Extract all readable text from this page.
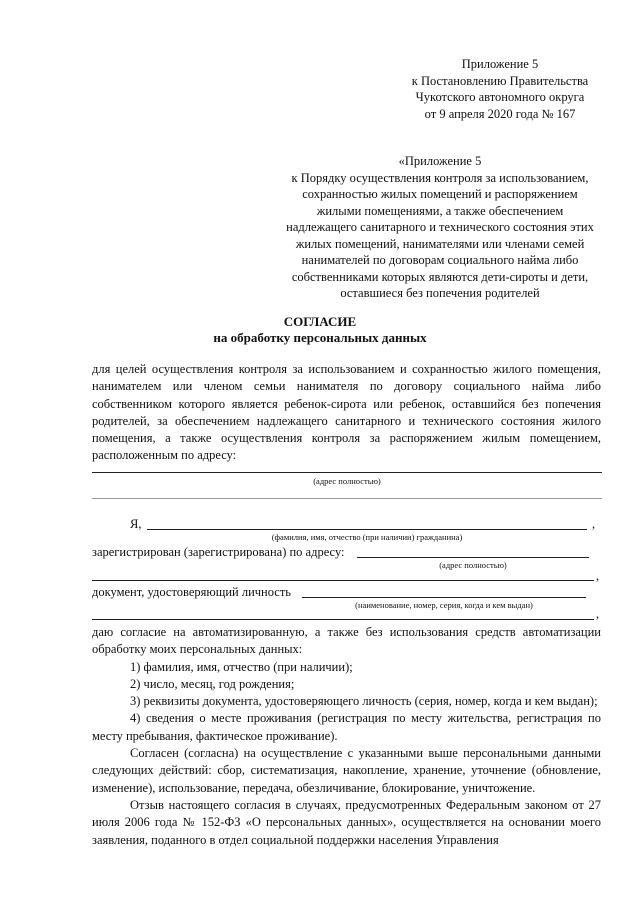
Приложение 5
к Постановлению Правительства
Чукотского автономного округа
от 9 апреля 2020 года № 167
«Приложение 5
к Порядку осуществления контроля за использованием,
сохранностью жилых помещений и распоряжением
жилыми помещениями, а также обеспечением
надлежащего санитарного и технического состояния этих
жилых помещений, нанимателями или членами семей
нанимателей по договорам социального найма либо
собственниками которых являются дети-сироты и дети,
оставшиеся без попечения родителей
СОГЛАСИЕ
на обработку персональных данных
для целей осуществления контроля за использованием и сохранностью жилого помещения, нанимателем или членом семьи нанимателя по договору социального найма либо собственником которого является ребенок-сирота или ребенок, оставшийся без попечения родителей, за обеспечением надлежащего санитарного и технического состояния жилого помещения, а также осуществления контроля за распоряжением жилым помещением, расположенным по адресу:
(адрес полностью)
Я,	,
(фамилия, имя, отчество (при наличии) гражданина)
зарегистрирован (зарегистрирована) по адресу:
(адрес полностью)
,
документ, удостоверяющий личность
(наименование, номер, серия, когда и кем выдан)
,
даю согласие на автоматизированную, а также без использования средств автоматизации обработку моих персональных данных:
1) фамилия, имя, отчество (при наличии);
2) число, месяц, год рождения;
3) реквизиты документа, удостоверяющего личность (серия, номер, когда и кем выдан);
4) сведения о месте проживания (регистрация по месту жительства, регистрация по месту пребывания, фактическое проживание).
Согласен (согласна) на осуществление с указанными выше персональными данными следующих действий: сбор, систематизация, накопление, хранение, уточнение (обновление, изменение), использование, передача, обезличивание, блокирование, уничтожение.
Отзыв настоящего согласия в случаях, предусмотренных Федеральным законом от 27 июля 2006 года № 152-ФЗ «О персональных данных», осуществляется на основании моего заявления, поданного в отдел социальной поддержки населения Управления
